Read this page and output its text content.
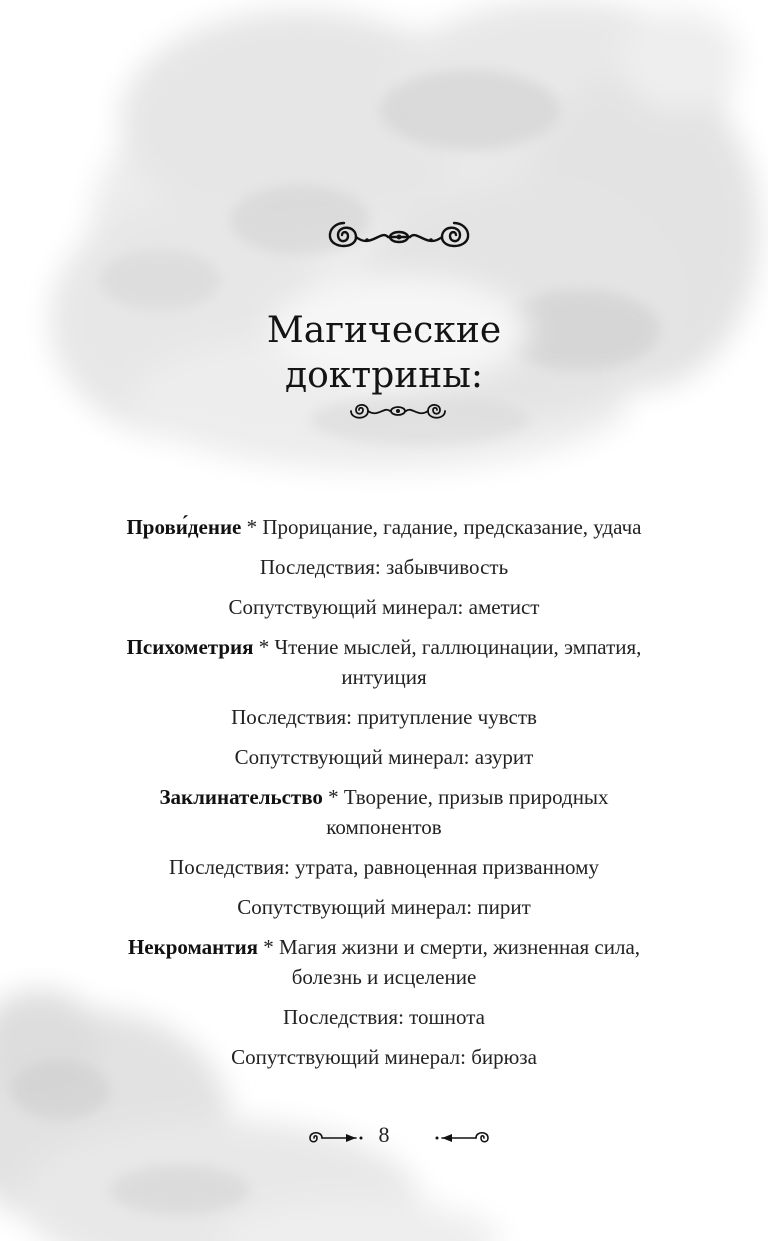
Магические
доктрины:

Прови́дение * Прорицание, гадание, предсказание, удача

Последствия: забывчивость

Сопутствующий минерал: аметист

Психометрия * Чтение мыслей, галлюцинации, эмпатия, интуиция

Последствия: притупление чувств

Сопутствующий минерал: азурит

Заклинательство * Творение, призыв природных компонентов

Последствия: утрата, равноценная призванному

Сопутствующий минерал: пирит

Некромантия * Магия жизни и смерти, жизненная сила, болезнь и исцеление

Последствия: тошнота

Сопутствующий минерал: бирюза

8
